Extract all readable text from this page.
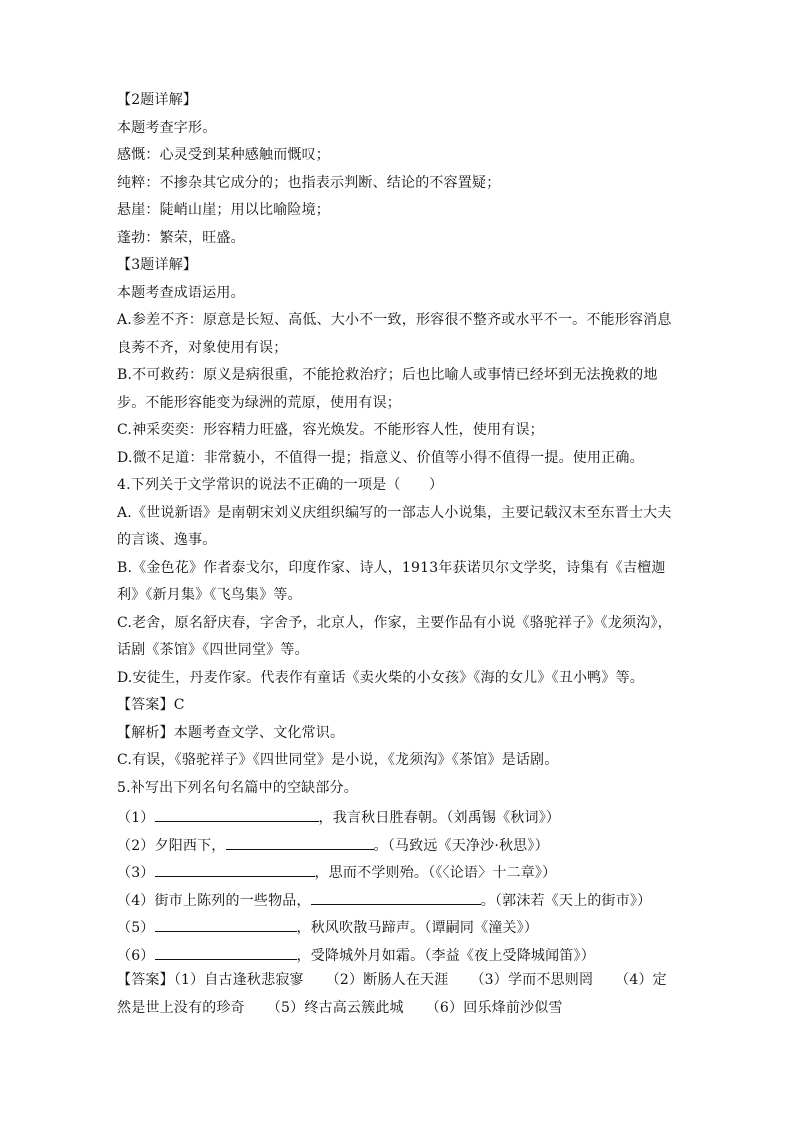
【2题详解】
本题考查字形。
感慨：心灵受到某种感触而慨叹；
纯粹：不掺杂其它成分的；也指表示判断、结论的不容置疑；
悬崖：陡峭山崖；用以比喻险境；
蓬勃：繁荣，旺盛。
【3题详解】
本题考查成语运用。
A.参差不齐：原意是长短、高低、大小不一致，形容很不整齐或水平不一。不能形容消息
良莠不齐，对象使用有误；
B.不可救药：原义是病很重，不能抢救治疗；后也比喻人或事情已经坏到无法挽救的地
步。不能形容能变为绿洲的荒原，使用有误；
C.神采奕奕：形容精力旺盛，容光焕发。不能形容人性，使用有误；
D.微不足道：非常藐小，不值得一提；指意义、价值等小得不值得一提。使用正确。
4.下列关于文学常识的说法不正确的一项是（　　）
A.《世说新语》是南朝宋刘义庆组织编写的一部志人小说集，主要记载汉末至东晋士大夫
的言谈、逸事。
B.《金色花》作者泰戈尔，印度作家、诗人，1913年获诺贝尔文学奖，诗集有《吉檀迦
利》《新月集》《飞鸟集》等。
C.老舍，原名舒庆春，字舍予，北京人，作家，主要作品有小说《骆驼祥子》《龙须沟》，
话剧《茶馆》《四世同堂》等。
D.安徒生，丹麦作家。代表作有童话《卖火柴的小女孩》《海的女儿》《丑小鸭》等。
【答案】C
【解析】本题考查文学、文化常识。
C.有误，《骆驼祥子》《四世同堂》是小说，《龙须沟》《茶馆》是话剧。
5.补写出下列名句名篇中的空缺部分。
（1）	，我言秋日胜春朝。（刘禹锡《秋词》）
（2）夕阳西下，	。（马致远《天净沙·秋思》）
（3）	，思而不学则殆。（《〈论语〉十二章》）
（4）街市上陈列的一些物品，	。（郭沫若《天上的街市》）
（5）	，秋风吹散马蹄声。（谭嗣同《潼关》）
（6）	，受降城外月如霜。（李益《夜上受降城闻笛》）
【答案】（1）自古逢秋悲寂寥 （2）断肠人在天涯 （3）学而不思则罔 （4）定
然是世上没有的珍奇 （5）终古高云簇此城 （6）回乐烽前沙似雪
